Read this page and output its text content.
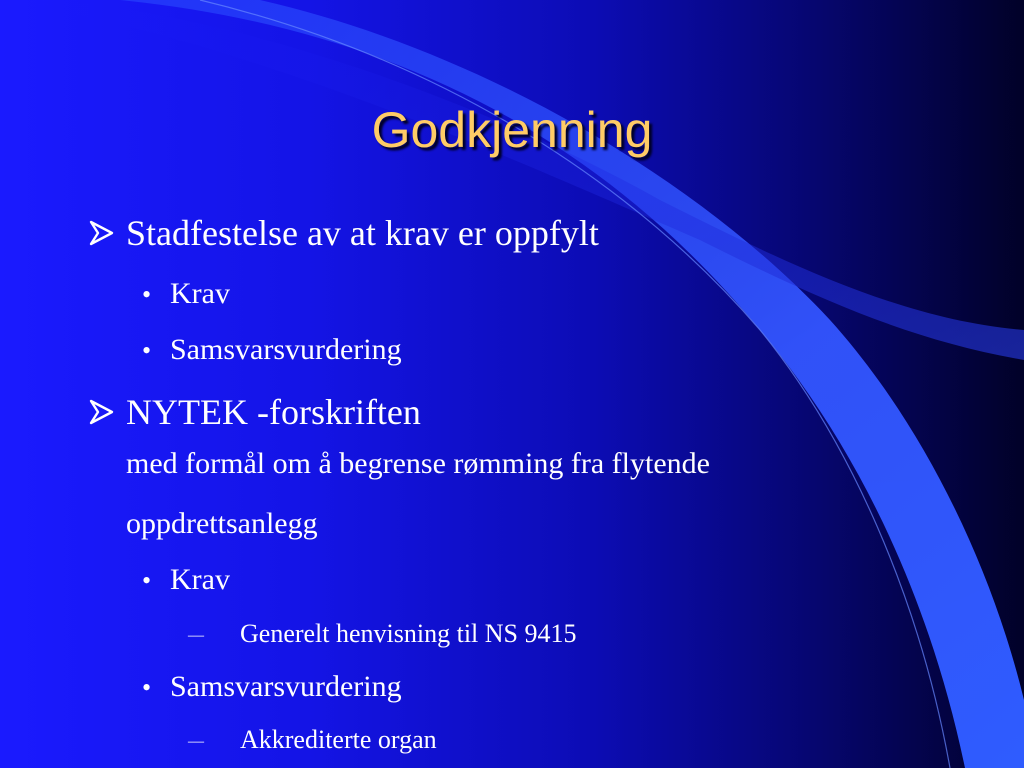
Godkjenning
Stadfestelse av at krav er oppfylt
• Krav
• Samsvarsvurdering
NYTEK -forskriften
med formål om å begrense rømming fra flytende
oppdrettsanlegg
• Krav
— Generelt henvisning til NS 9415
• Samsvarsvurdering
— Akkrediterte organ
